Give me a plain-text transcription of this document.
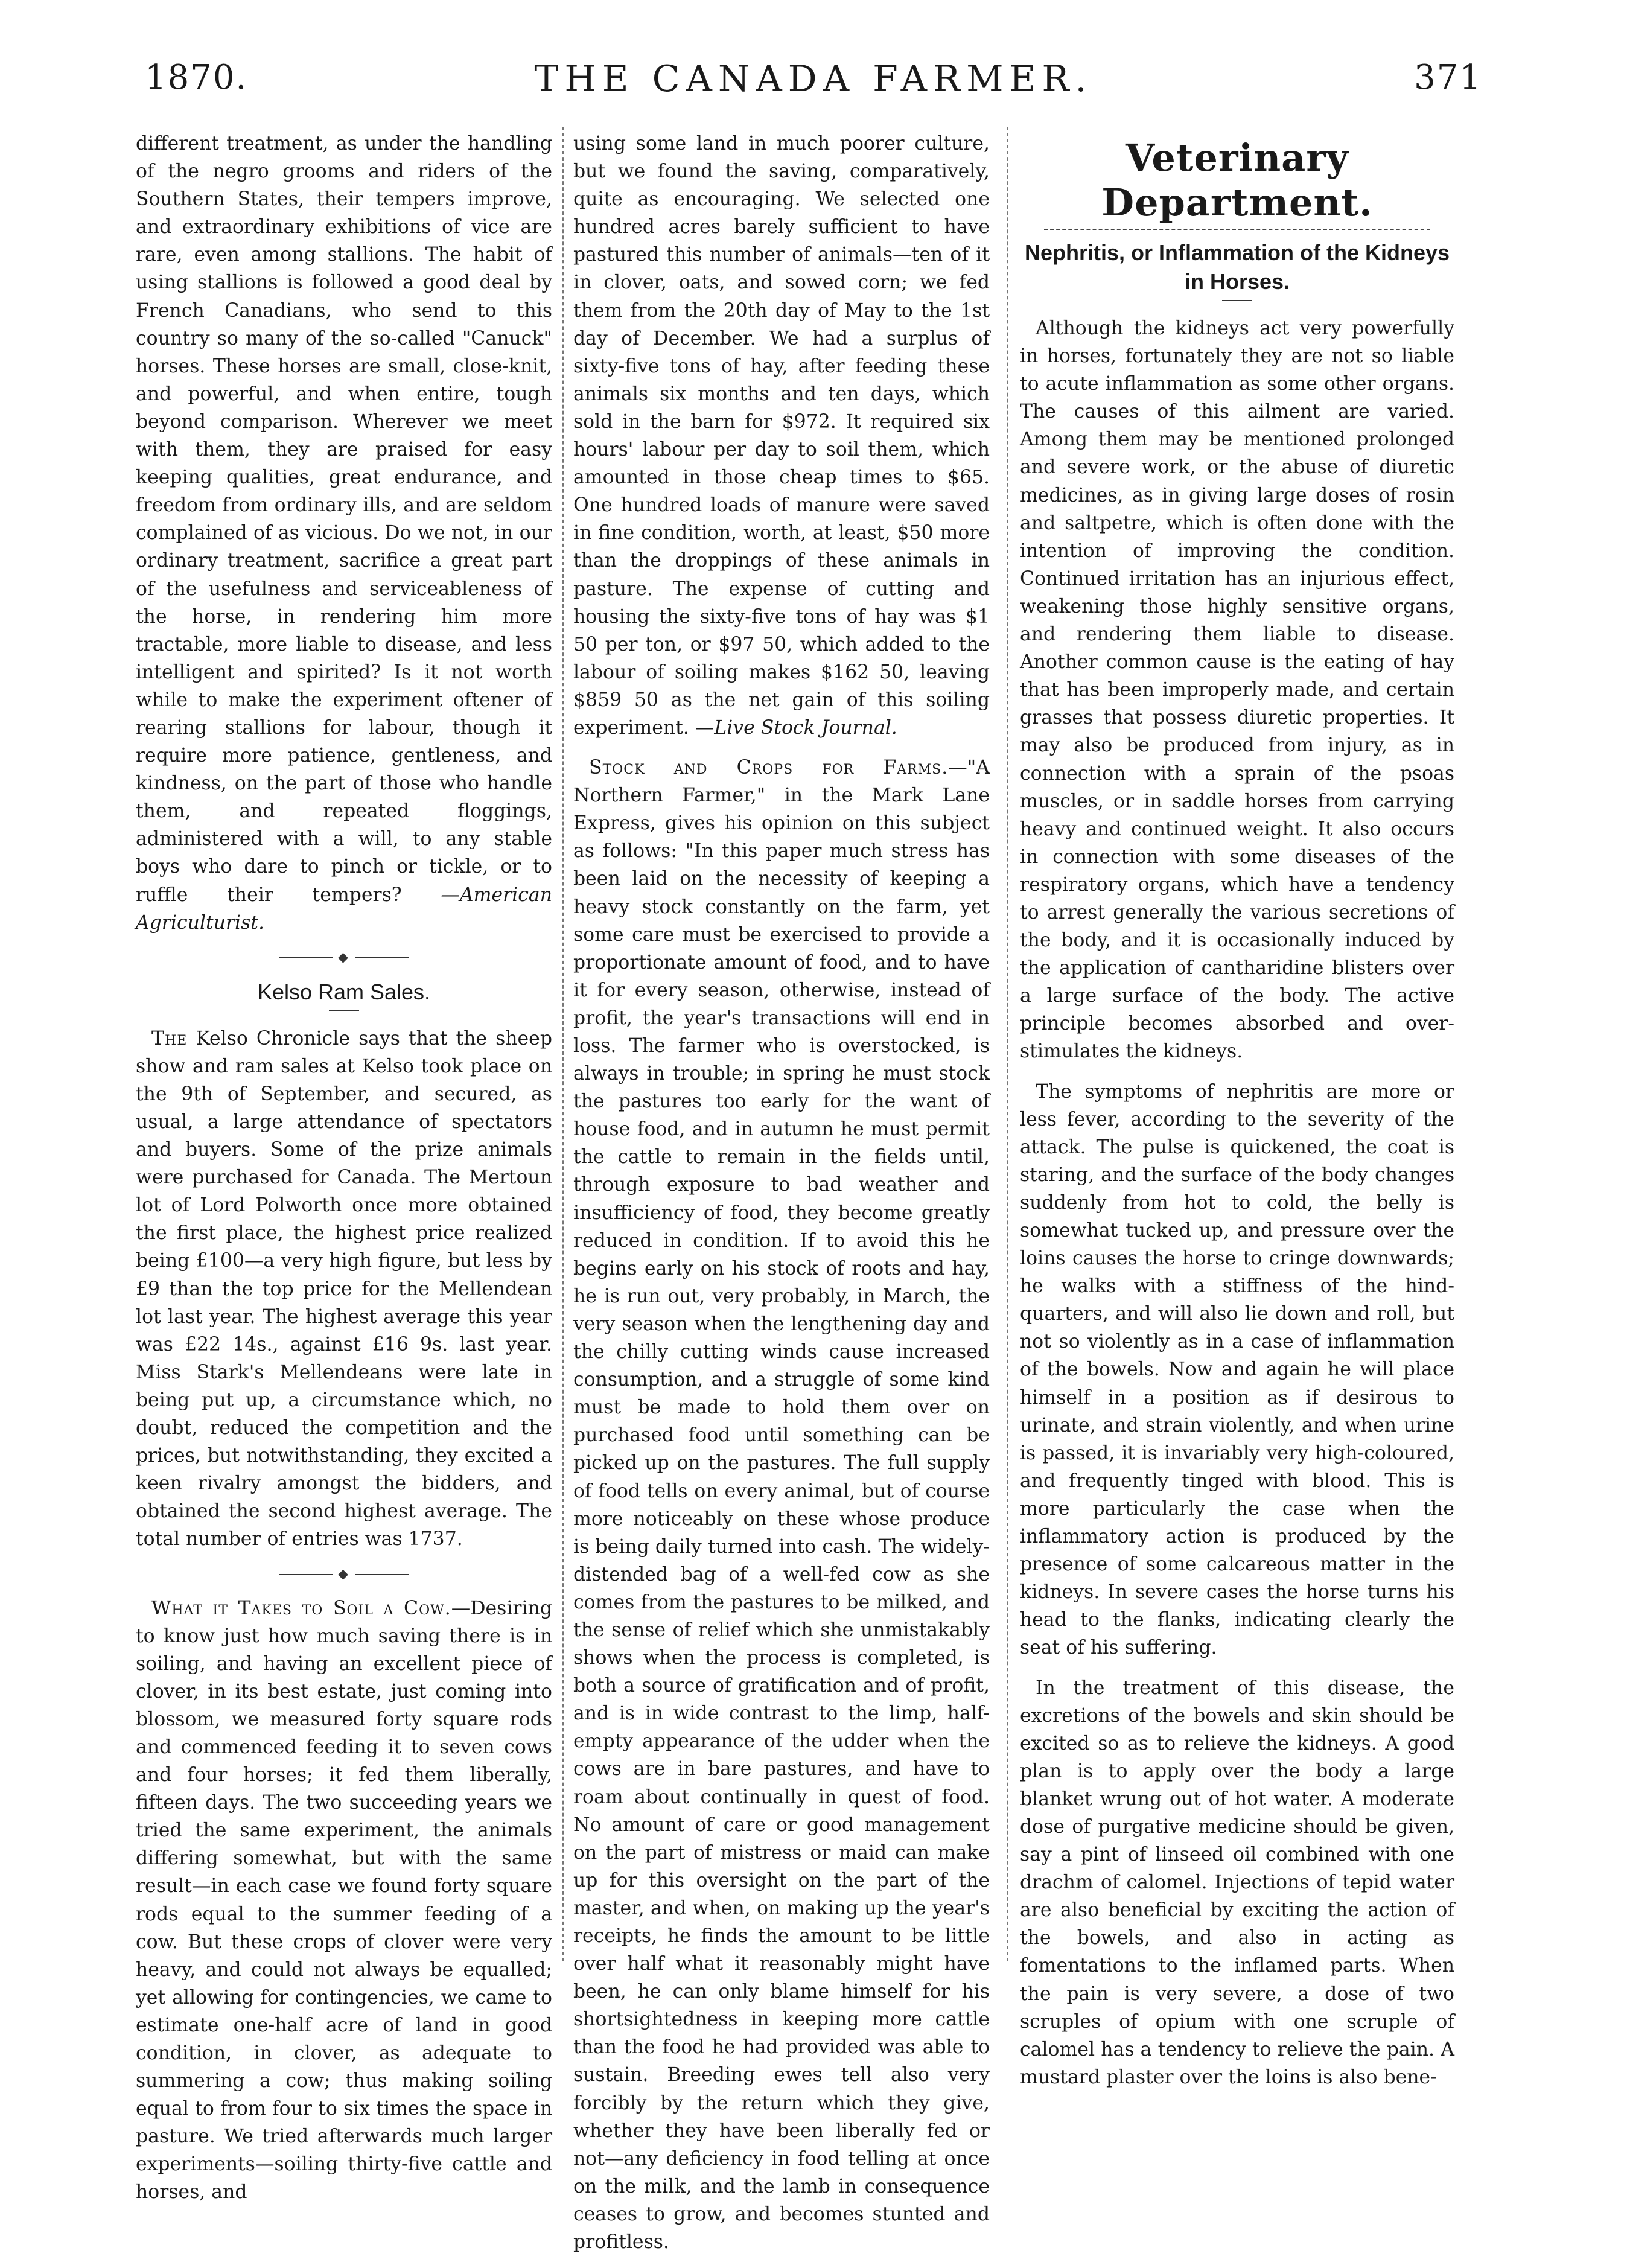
1870.	THE CANADA FARMER.	371

different treatment, as under the handling of the negro grooms and riders of the Southern States, their tempers improve, and extraordinary exhibitions of vice are rare, even among stallions. The habit of using stallions is followed a good deal by French Canadians, who send to this country so many of the so-called "Canuck" horses. These horses are small, close-knit, and powerful, and when entire, tough beyond comparison. Wherever we meet with them, they are praised for easy keeping qualities, great endurance, and freedom from ordinary ills, and are seldom complained of as vicious. Do we not, in our ordinary treatment, sacrifice a great part of the usefulness and serviceableness of the horse, in rendering him more tractable, more liable to disease, and less intelligent and spirited? Is it not worth while to make the experiment oftener of rearing stallions for labour, though it require more patience, gentleness, and kindness, on the part of those who handle them, and repeated floggings, administered with a will, to any stable boys who dare to pinch or tickle, or to ruffle their tempers? —American Agriculturist.

◆
Kelso Ram Sales.

The Kelso Chronicle says that the sheep show and ram sales at Kelso took place on the 9th of September, and secured, as usual, a large attendance of spectators and buyers. Some of the prize animals were purchased for Canada. The Mertoun lot of Lord Polworth once more obtained the first place, the highest price realized being £100—a very high figure, but less by £9 than the top price for the Mellendean lot last year. The highest average this year was £22 14s., against £16 9s. last year. Miss Stark's Mellendeans were late in being put up, a circumstance which, no doubt, reduced the competition and the prices, but notwithstanding, they excited a keen rivalry amongst the bidders, and obtained the second highest average. The total number of entries was 1737.

◆

What it Takes to Soil a Cow.—Desiring to know just how much saving there is in soiling, and having an excellent piece of clover, in its best estate, just coming into blossom, we measured forty square rods and commenced feeding it to seven cows and four horses; it fed them liberally, fifteen days. The two succeeding years we tried the same experiment, the animals differing somewhat, but with the same result—in each case we found forty square rods equal to the summer feeding of a cow. But these crops of clover were very heavy, and could not always be equalled; yet allowing for contingencies, we came to estimate one-half acre of land in good condition, in clover, as adequate to summering a cow; thus making soiling equal to from four to six times the space in pasture. We tried afterwards much larger experiments—soiling thirty-five cattle and horses, and

using some land in much poorer culture, but we found the saving, comparatively, quite as encouraging. We selected one hundred acres barely sufficient to have pastured this number of animals—ten of it in clover, oats, and sowed corn; we fed them from the 20th day of May to the 1st day of December. We had a surplus of sixty-five tons of hay, after feeding these animals six months and ten days, which sold in the barn for $972. It required six hours' labour per day to soil them, which amounted in those cheap times to $65. One hundred loads of manure were saved in fine condition, worth, at least, $50 more than the droppings of these animals in pasture. The expense of cutting and housing the sixty-five tons of hay was $1 50 per ton, or $97 50, which added to the labour of soiling makes $162 50, leaving $859 50 as the net gain of this soiling experiment. —Live Stock Journal.

Stock and Crops for Farms.—"A Northern Farmer," in the Mark Lane Express, gives his opinion on this subject as follows: "In this paper much stress has been laid on the necessity of keeping a heavy stock constantly on the farm, yet some care must be exercised to provide a proportionate amount of food, and to have it for every season, otherwise, instead of profit, the year's transactions will end in loss. The farmer who is overstocked, is always in trouble; in spring he must stock the pastures too early for the want of house food, and in autumn he must permit the cattle to remain in the fields until, through exposure to bad weather and insufficiency of food, they become greatly reduced in condition. If to avoid this he begins early on his stock of roots and hay, he is run out, very probably, in March, the very season when the lengthening day and the chilly cutting winds cause increased consumption, and a struggle of some kind must be made to hold them over on purchased food until something can be picked up on the pastures. The full supply of food tells on every animal, but of course more noticeably on these whose produce is being daily turned into cash. The widely-distended bag of a well-fed cow as she comes from the pastures to be milked, and the sense of relief which she unmistakably shows when the process is completed, is both a source of gratification and of profit, and is in wide contrast to the limp, half-empty appearance of the udder when the cows are in bare pastures, and have to roam about continually in quest of food. No amount of care or good management on the part of mistress or maid can make up for this oversight on the part of the master, and when, on making up the year's receipts, he finds the amount to be little over half what it reasonably might have been, he can only blame himself for his shortsightedness in keeping more cattle than the food he had provided was able to sustain. Breeding ewes tell also very forcibly by the return which they give, whether they have been liberally fed or not—any deficiency in food telling at once on the milk, and the lamb in consequence ceases to grow, and becomes stunted and profitless.

Veterinary Department.
Nephritis, or Inflammation of the Kidneys in Horses.

Although the kidneys act very powerfully in horses, fortunately they are not so liable to acute inflammation as some other organs. The causes of this ailment are varied. Among them may be mentioned prolonged and severe work, or the abuse of diuretic medicines, as in giving large doses of rosin and saltpetre, which is often done with the intention of improving the condition. Continued irritation has an injurious effect, weakening those highly sensitive organs, and rendering them liable to disease. Another common cause is the eating of hay that has been improperly made, and certain grasses that possess diuretic properties. It may also be produced from injury, as in connection with a sprain of the psoas muscles, or in saddle horses from carrying heavy and continued weight. It also occurs in connection with some diseases of the respiratory organs, which have a tendency to arrest generally the various secretions of the body, and it is occasionally induced by the application of cantharidine blisters over a large surface of the body. The active principle becomes absorbed and over-stimulates the kidneys.

The symptoms of nephritis are more or less fever, according to the severity of the attack. The pulse is quickened, the coat is staring, and the surface of the body changes suddenly from hot to cold, the belly is somewhat tucked up, and pressure over the loins causes the horse to cringe downwards; he walks with a stiffness of the hind-quarters, and will also lie down and roll, but not so violently as in a case of inflammation of the bowels. Now and again he will place himself in a position as if desirous to urinate, and strain violently, and when urine is passed, it is invariably very high-coloured, and frequently tinged with blood. This is more particularly the case when the inflammatory action is produced by the presence of some calcareous matter in the kidneys. In severe cases the horse turns his head to the flanks, indicating clearly the seat of his suffering.

In the treatment of this disease, the excretions of the bowels and skin should be excited so as to relieve the kidneys. A good plan is to apply over the body a large blanket wrung out of hot water. A moderate dose of purgative medicine should be given, say a pint of linseed oil combined with one drachm of calomel. Injections of tepid water are also beneficial by exciting the action of the bowels, and also in acting as fomentations to the inflamed parts. When the pain is very severe, a dose of two scruples of opium with one scruple of calomel has a tendency to relieve the pain. A mustard plaster over the loins is also bene-
